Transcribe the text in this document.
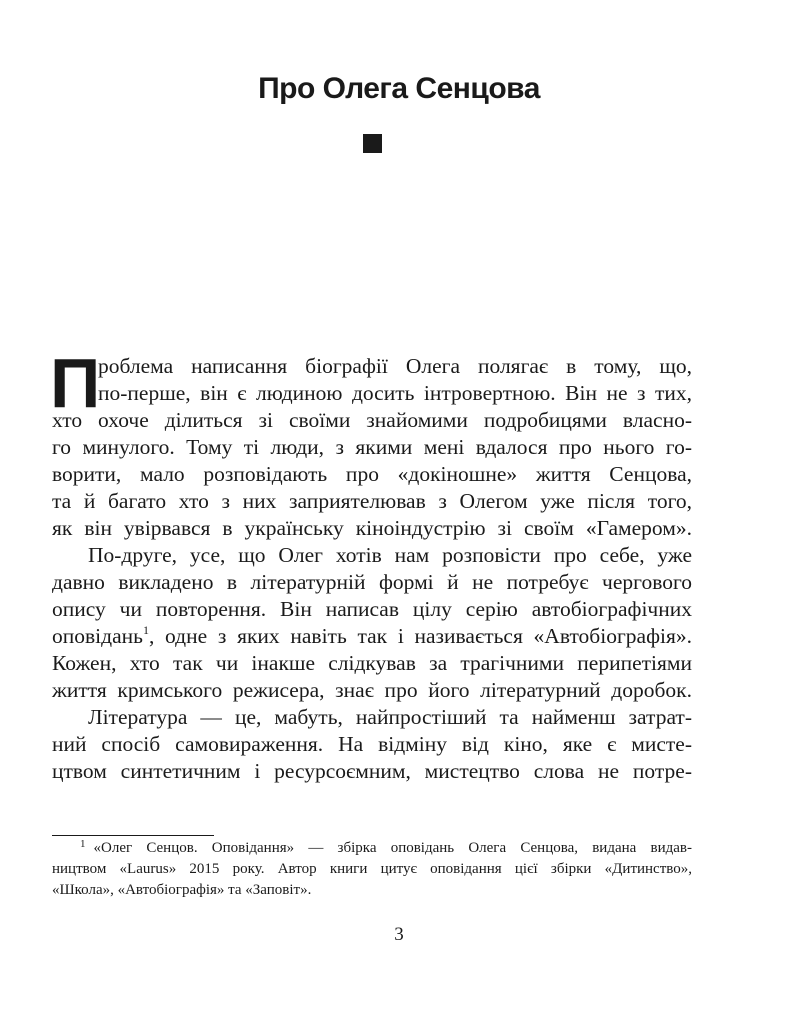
Про Олега Сенцова
П
роблема написання біографії Олега полягає в тому, що,
по-перше, він є людиною досить інтровертною. Він не з тих,
хто охоче ділиться зі своїми знайомими подробицями власно-
го минулого. Тому ті люди, з якими мені вдалося про нього го-
ворити, мало розповідають про «докіношне» життя Сенцова,
та й багато хто з них заприятелював з Олегом уже після того,
як він увірвався в українську кіноіндустрію зі своїм «Гамером».
По-друге, усе, що Олег хотів нам розповісти про себе, уже
давно викладено в літературній формі й не потребує чергового
опису чи повторення. Він написав цілу серію автобіографічних
оповідань$^1$, одне з яких навіть так і називається «Автобіографія».
Кожен, хто так чи інакше слідкував за трагічними перипетіями
життя кримського режисера, знає про його літературний доробок.
Література — це, мабуть, найпростіший та найменш затрат-
ний спосіб самовираження. На відміну від кіно, яке є мисте-
цтвом синтетичним і ресурсоємним, мистецтво слова не потре-
$^1$ «Олег Сенцов. Оповідання» — збірка оповідань Олега Сенцова, видана видав-
ництвом «Laurus» 2015 року. Автор книги цитує оповідання цієї збірки «Дитинство»,
«Школа», «Автобіографія» та «Заповіт».
3
